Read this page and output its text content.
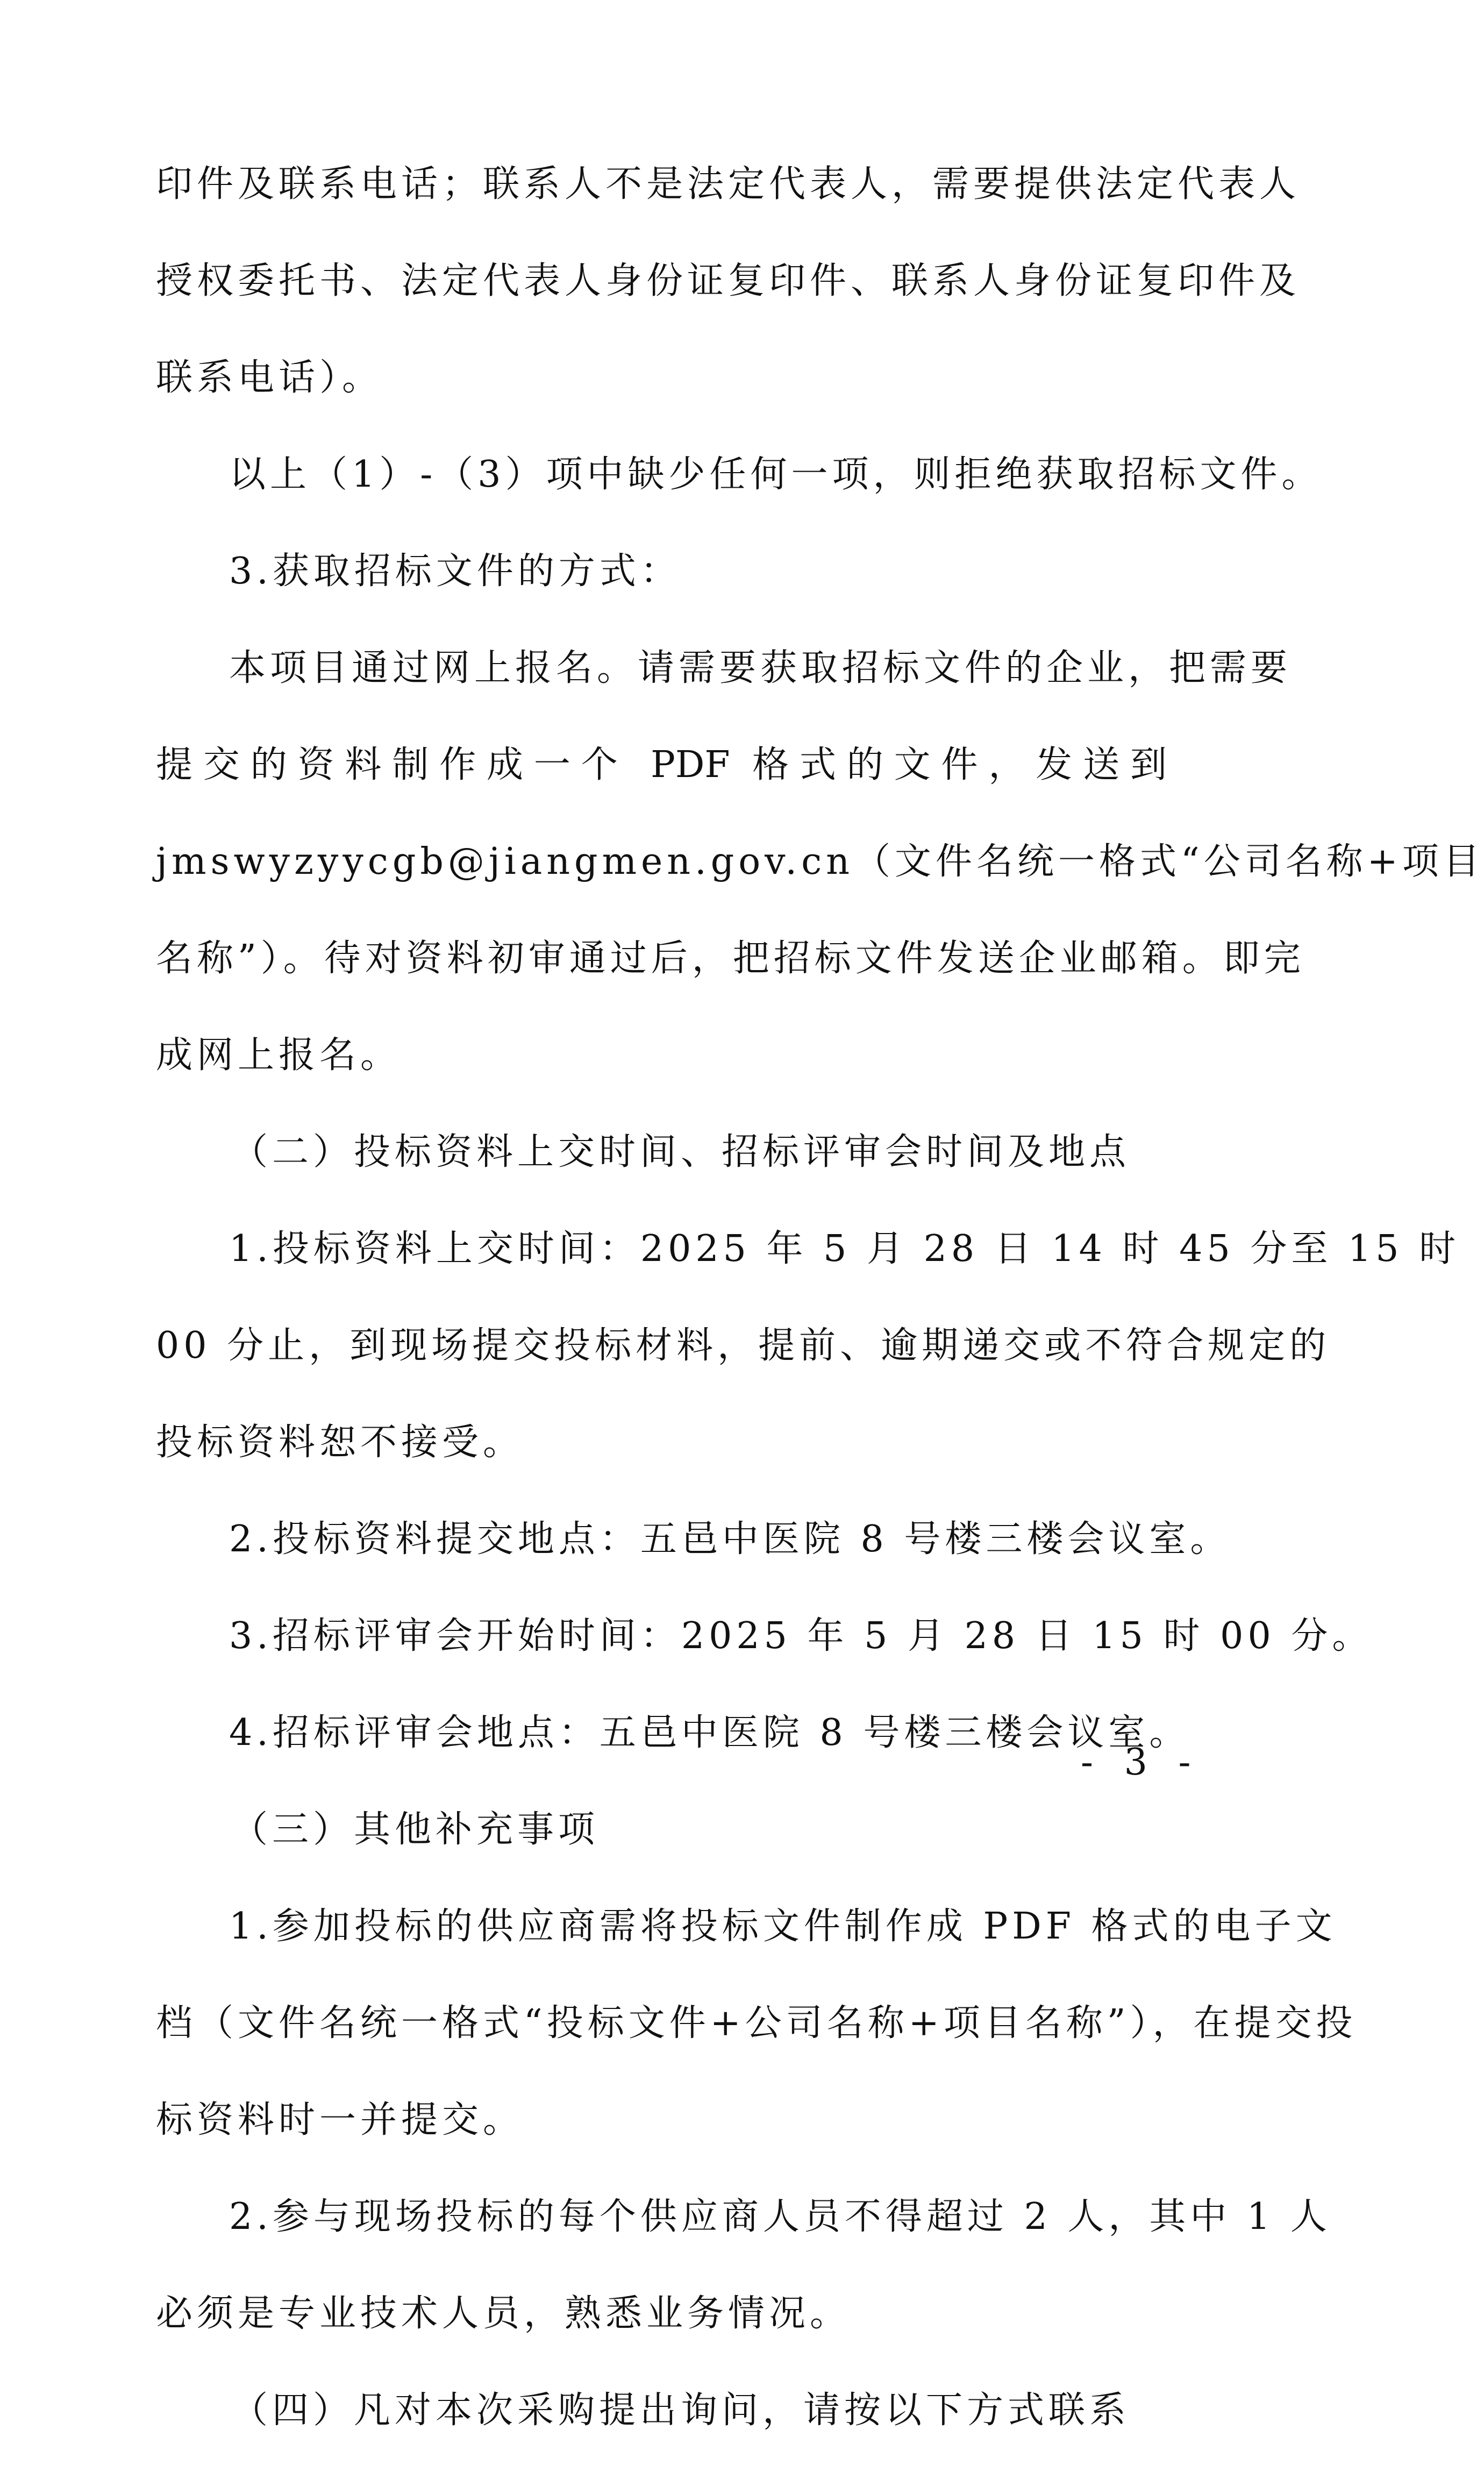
印件及联系电话；联系人不是法定代表人，需要提供法定代表人
授权委托书、法定代表人身份证复印件、联系人身份证复印件及
联系电话）。
以上（1）-（3）项中缺少任何一项，则拒绝获取招标文件。
3.获取招标文件的方式：
本项目通过网上报名。请需要获取招标文件的企业，把需要
提交的资料制作成一个 PDF 格式的文件，发送到
jmswyzyycgb@jiangmen.gov.cn（文件名统一格式“公司名称+项目
名称”）。待对资料初审通过后，把招标文件发送企业邮箱。即完
成网上报名。
（二）投标资料上交时间、招标评审会时间及地点
1.投标资料上交时间：2025 年 5 月 28 日 14 时 45 分至 15 时
00 分止，到现场提交投标材料，提前、逾期递交或不符合规定的
投标资料恕不接受。
2.投标资料提交地点：五邑中医院 8 号楼三楼会议室。
3.招标评审会开始时间：2025 年 5 月 28 日 15 时 00 分。
4.招标评审会地点：五邑中医院 8 号楼三楼会议室。
（三）其他补充事项
1.参加投标的供应商需将投标文件制作成 PDF 格式的电子文
档（文件名统一格式“投标文件+公司名称+项目名称”），在提交投
标资料时一并提交。
2.参与现场投标的每个供应商人员不得超过 2 人，其中 1 人
必须是专业技术人员，熟悉业务情况。
（四）凡对本次采购提出询问，请按以下方式联系
- 3 -
